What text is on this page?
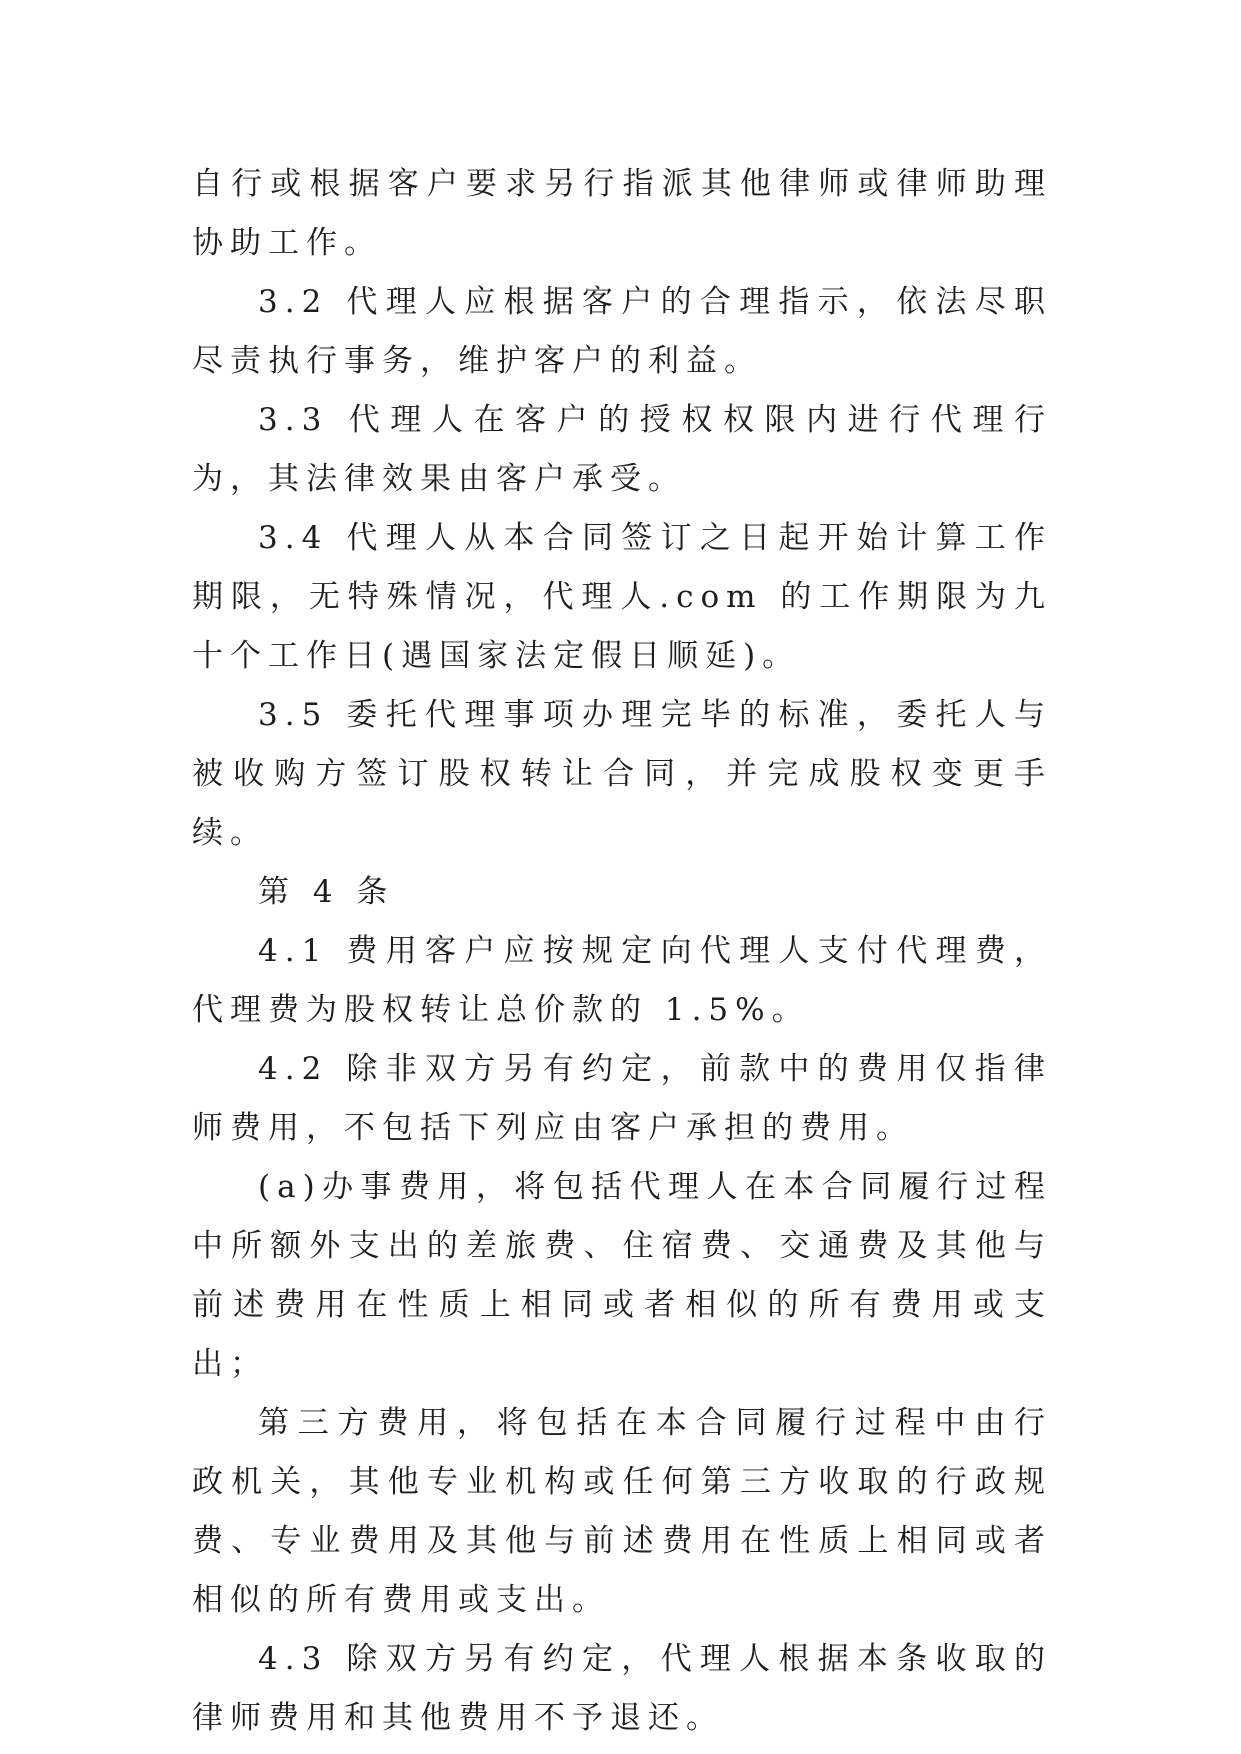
自行或根据客户要求另行指派其他律师或律师助理协助工作。

3.2 代理人应根据客户的合理指示，依法尽职尽责执行事务，维护客户的利益。

3.3 代理人在客户的授权权限内进行代理行为，其法律效果由客户承受。

3.4 代理人从本合同签订之日起开始计算工作期限，无特殊情况，代理人.com 的工作期限为九十个工作日(遇国家法定假日顺延)。

3.5 委托代理事项办理完毕的标准，委托人与被收购方签订股权转让合同，并完成股权变更手续。

第 4 条

4.1 费用客户应按规定向代理人支付代理费，代理费为股权转让总价款的 1.5%。

4.2 除非双方另有约定，前款中的费用仅指律师费用，不包括下列应由客户承担的费用。

(a)办事费用，将包括代理人在本合同履行过程中所额外支出的差旅费、住宿费、交通费及其他与前述费用在性质上相同或者相似的所有费用或支出；

第三方费用，将包括在本合同履行过程中由行政机关，其他专业机构或任何第三方收取的行政规费、专业费用及其他与前述费用在性质上相同或者相似的所有费用或支出。

4.3 除双方另有约定，代理人根据本条收取的律师费用和其他费用不予退还。
